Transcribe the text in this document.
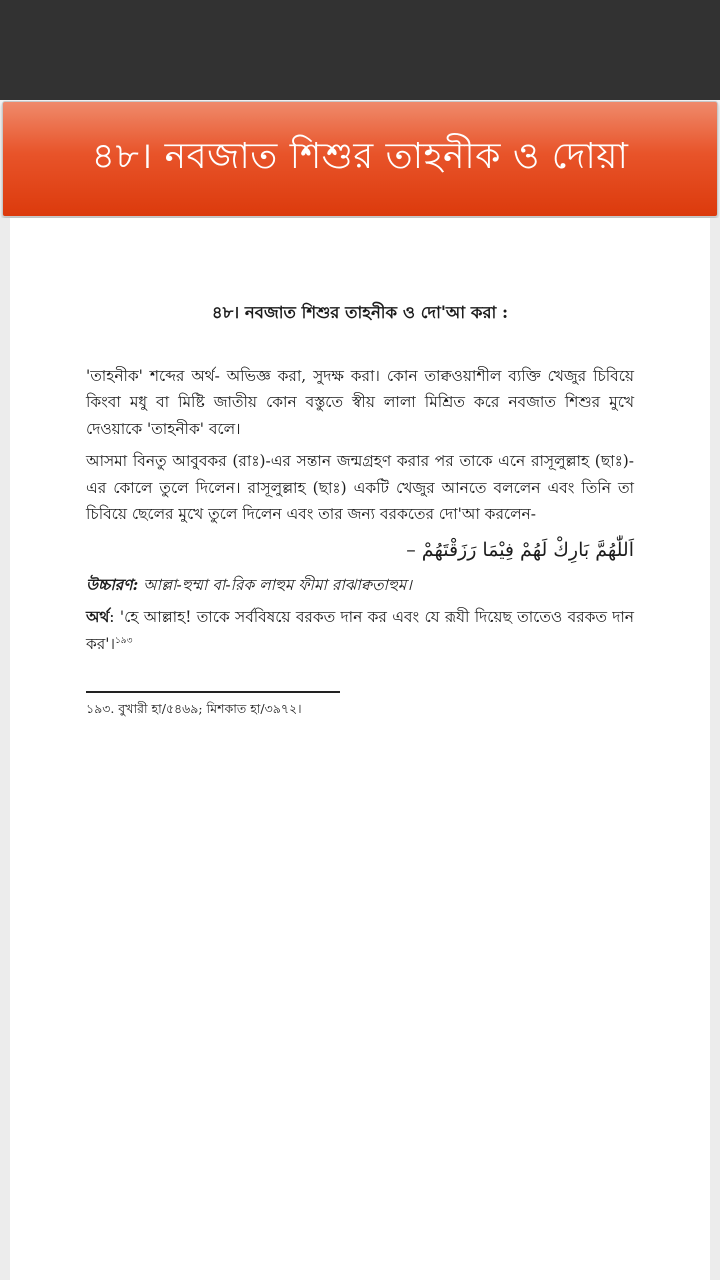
৪৮। নবজাত শিশুর তাহনীক ও দোয়া
৪৮। নবজাত শিশুর তাহনীক ও দো'আ করা :
'তাহনীক' শব্দের অর্থ- অভিজ্ঞ করা, সুদক্ষ করা। কোন তাক্বওয়াশীল ব্যক্তি খেজুর চিবিয়ে কিংবা মধু বা মিষ্টি জাতীয় কোন বস্তুতে স্বীয় লালা মিশ্রিত করে নবজাত শিশুর মুখে দেওয়াকে 'তাহনীক' বলে।
আসমা বিনতু আবুবকর (রাঃ)-এর সন্তান জন্মগ্রহণ করার পর তাকে এনে রাসূলুল্লাহ (ছাঃ)-এর কোলে তুলে দিলেন। রাসূলুল্লাহ (ছাঃ) একটি খেজুর আনতে বললেন এবং তিনি তা চিবিয়ে ছেলের মুখে তুলে দিলেন এবং তার জন্য বরকতের দো'আ করলেন-
اَللّٰهُمَّ بَارِكْ لَهُمْ فِيْمَا رَزَقْتَهُمْ –
উচ্চারণ: আল্লা-হুম্মা বা-রিক লাহুম ফীমা রাঝাক্বতাহুম।
অর্থ: 'হে আল্লাহ! তাকে সর্ববিষয়ে বরকত দান কর এবং যে রূযী দিয়েছ তাতেও বরকত দান কর'।$^{১৯৩}$
১৯৩. বুখারী হা/৫৪৬৯; মিশকাত হা/৩৯৭২।
